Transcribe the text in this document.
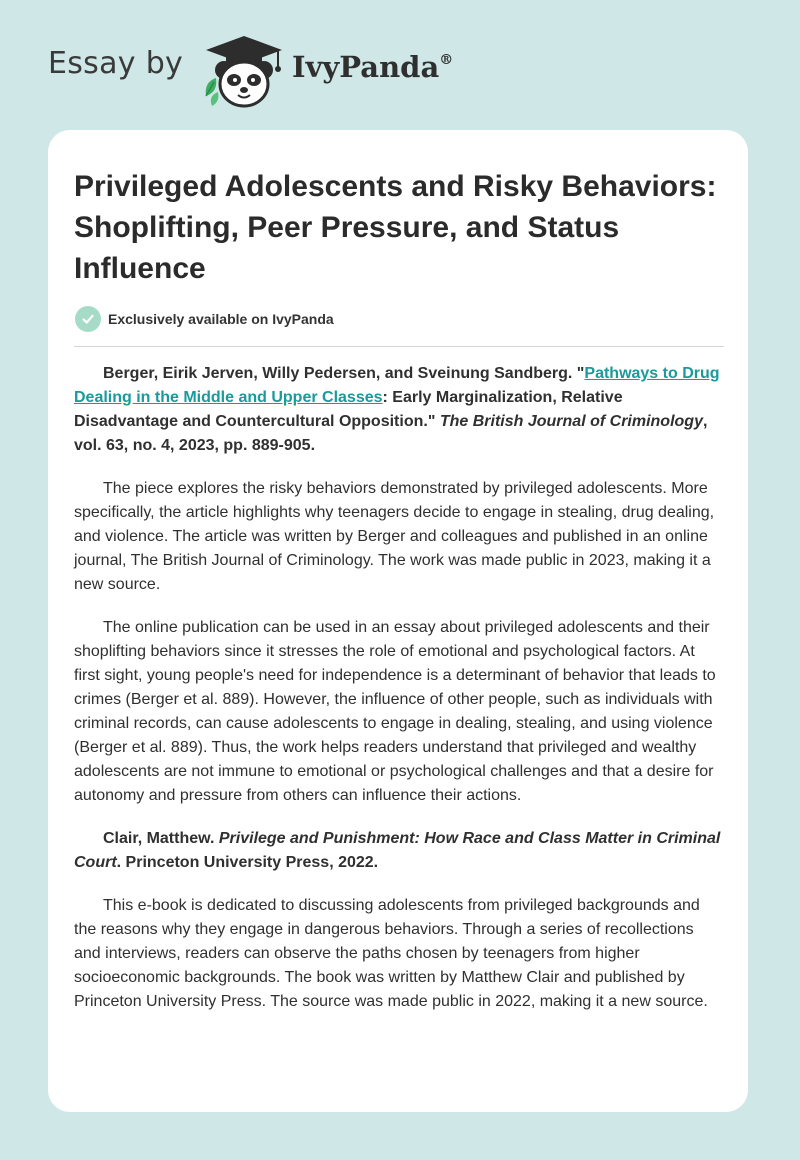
Essay by	IvyPanda®
Privileged Adolescents and Risky Behaviors: Shoplifting, Peer Pressure, and Status Influence
Exclusively available on IvyPanda

Berger, Eirik Jerven, Willy Pedersen, and Sveinung Sandberg. "Pathways to Drug Dealing in the Middle and Upper Classes: Early Marginalization, Relative Disadvantage and Countercultural Opposition." The British Journal of Criminology, vol. 63, no. 4, 2023, pp. 889-905.

The piece explores the risky behaviors demonstrated by privileged adolescents. More specifically, the article highlights why teenagers decide to engage in stealing, drug dealing, and violence. The article was written by Berger and colleagues and published in an online journal, The British Journal of Criminology. The work was made public in 2023, making it a new source.

The online publication can be used in an essay about privileged adolescents and their shoplifting behaviors since it stresses the role of emotional and psychological factors. At first sight, young people's need for independence is a determinant of behavior that leads to crimes (Berger et al. 889). However, the influence of other people, such as individuals with criminal records, can cause adolescents to engage in dealing, stealing, and using violence (Berger et al. 889). Thus, the work helps readers understand that privileged and wealthy adolescents are not immune to emotional or psychological challenges and that a desire for autonomy and pressure from others can influence their actions.

Clair, Matthew. Privilege and Punishment: How Race and Class Matter in Criminal Court. Princeton University Press, 2022.

This e-book is dedicated to discussing adolescents from privileged backgrounds and the reasons why they engage in dangerous behaviors. Through a series of recollections and interviews, readers can observe the paths chosen by teenagers from higher socioeconomic backgrounds. The book was written by Matthew Clair and published by Princeton University Press. The source was made public in 2022, making it a new source.
